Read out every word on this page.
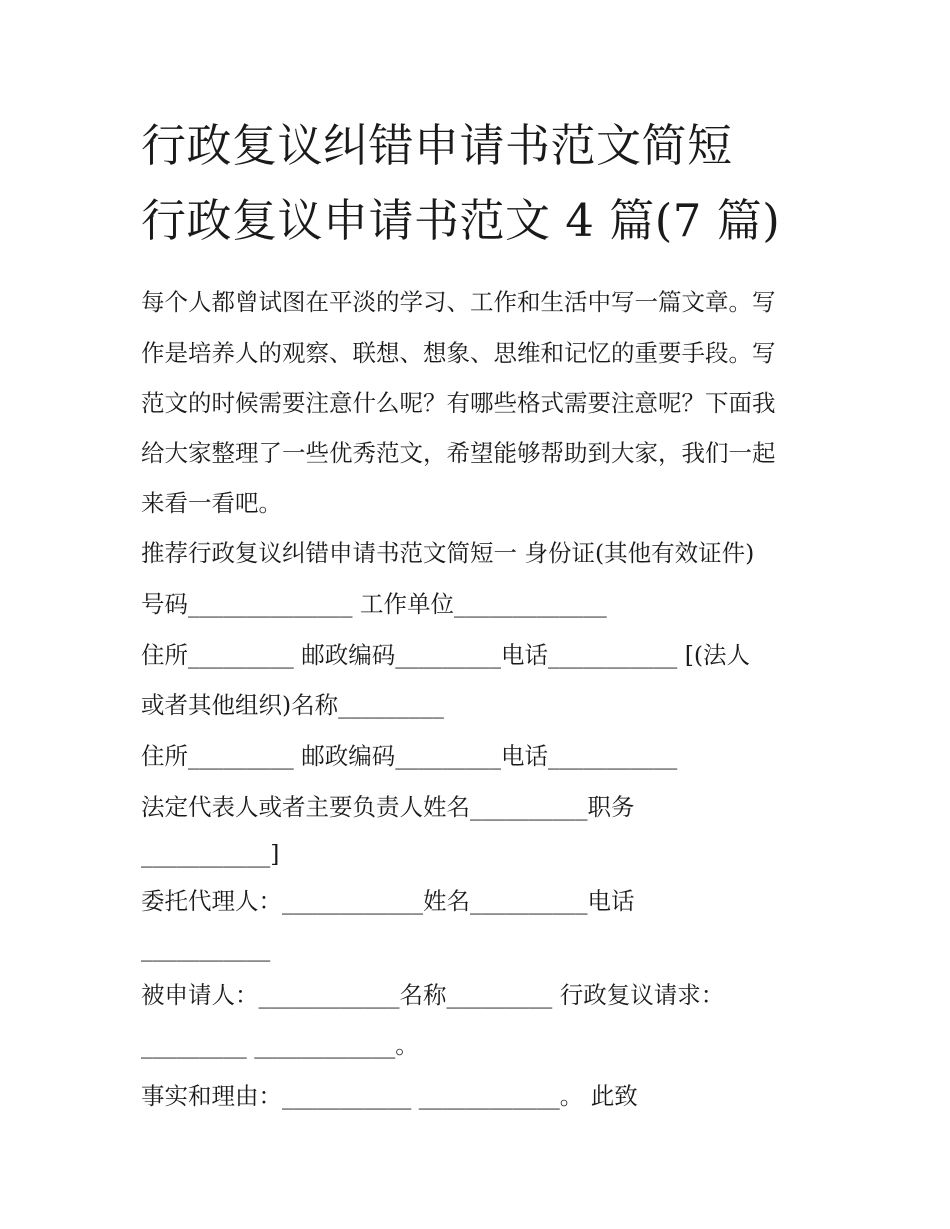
行政复议纠错申请书范文简短
行政复议申请书范文 4 篇(7 篇)

每个人都曾试图在平淡的学习、工作和生活中写一篇文章。写

作是培养人的观察、联想、想象、思维和记忆的重要手段。写

范文的时候需要注意什么呢？有哪些格式需要注意呢？下面我

给大家整理了一些优秀范文，希望能够帮助到大家，我们一起

来看一看吧。

推荐行政复议纠错申请书范文简短一 身份证(其他有效证件)

号码______________ 工作单位_____________

住所_________ 邮政编码_________电话___________ [(法人

或者其他组织)名称_________

住所_________ 邮政编码_________电话___________

法定代表人或者主要负责人姓名__________职务

___________]

委托代理人：____________姓名__________电话

___________

被申请人：____________名称_________ 行政复议请求：

_________ ____________。

事实和理由：___________ ____________。 此致
